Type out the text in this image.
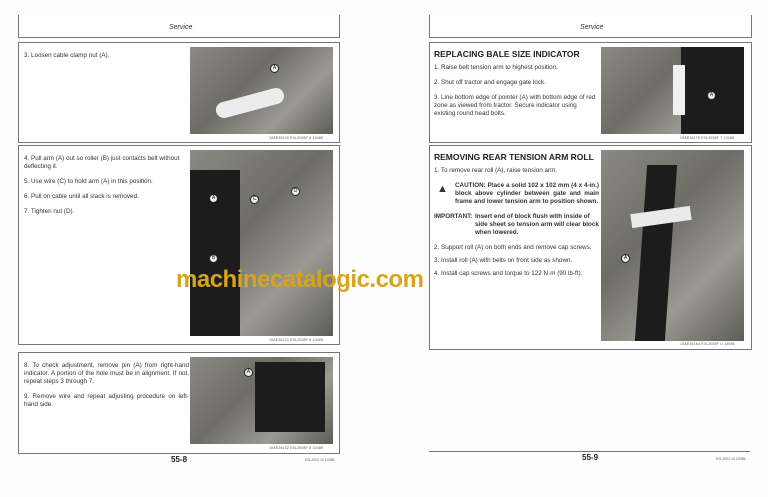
Service

3. Loosen cable clamp nut (A).

A
10AE26130 E0L2008F 8 10486

4. Pull arm (A) out so roller (B) just contacts belt without deflecting it.

5. Use wire (C) to hold arm (A) in this position.

6. Pull on cable until all slack is removed.

7. Tighten nut (D).

A
B
C
D
10AE26131 E0L2008F 8 10485

8. To check adjustment, remove pin (A) from right-hand indicator. A portion of the hole must be in alignment. If not, repeat steps 3 through 7.

9. Remove wire and repeat adjusting procedure on left-hand side.

A
10AE26132 E0L2008F 8 10485
55-8	E0L2002 10 10086
Service
REPLACING BALE SIZE INDICATOR

1. Raise belt tension arm to highest position.

2. Shut off tractor and engage gate lock.

3. Line bottom edge of pointer (A) with bottom edge of red zone as viewed from tractor. Secure indicator using existing round head bolts.

A
10AE26175 E0L2008F 7 10486
REMOVING REAR TENSION ARM ROLL

1. To remove rear roll (A), raise tension arm.

▲ CAUTION: Place a solid 102 x 102 mm (4 x 4-in.) block above cylinder between gate and main frame and lower tension arm to position shown.
IMPORTANT: Insert end of block flush with inside of side sheet so tension arm will clear block when lowered.

2. Support roll (A) on both ends and remove cap screws.

3. Install roll (A) with belts on front side as shown.

4. Install cap screws and torque to 122 N·m (90 lb-ft).

A
10AE26164 E0L2008F U 10086
55-9	E0L2002 10 10086
machinecatalogic.com
